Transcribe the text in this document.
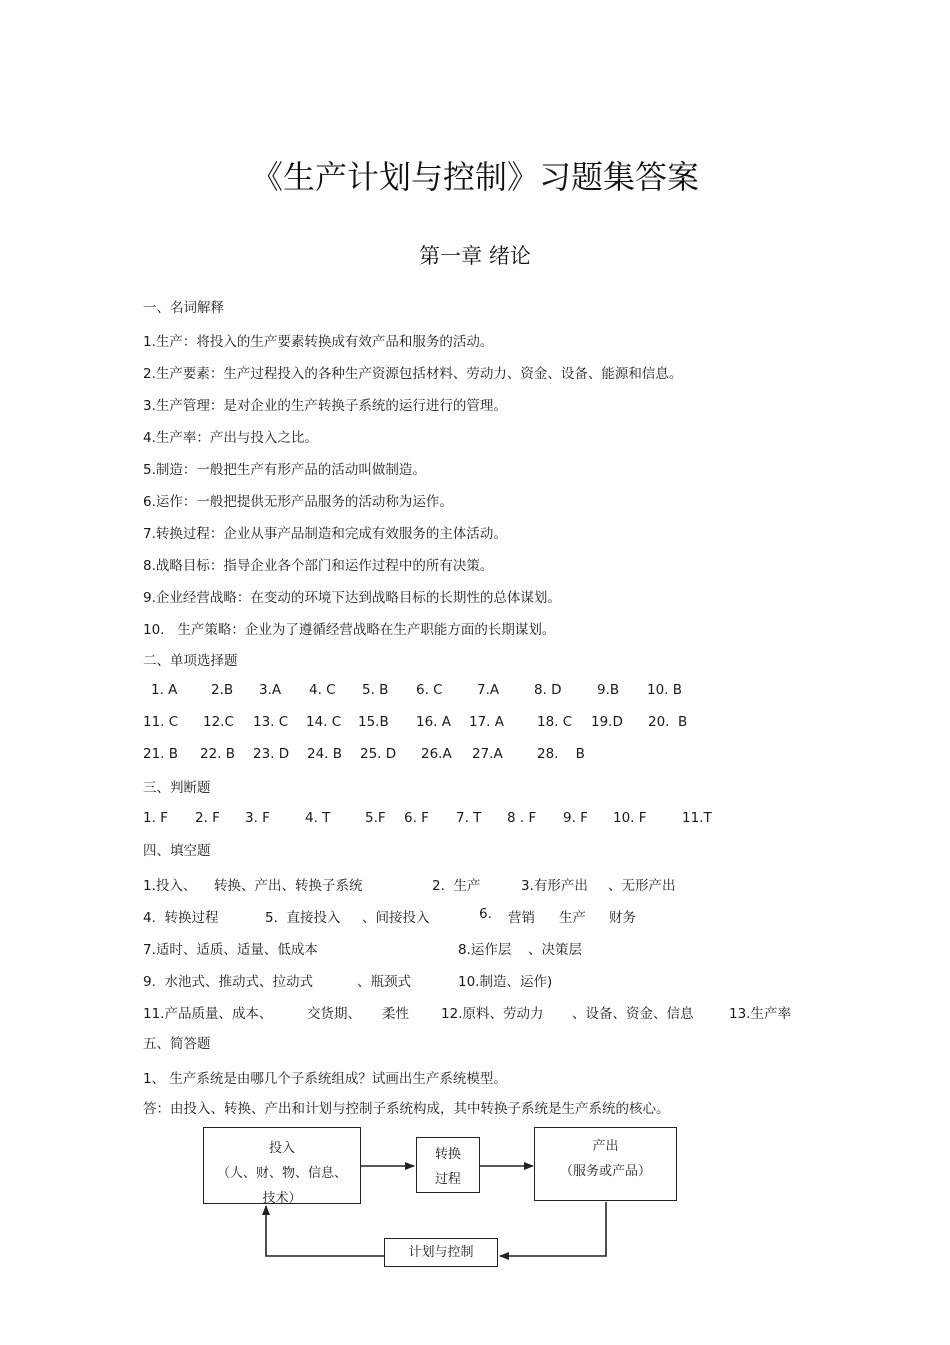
《生产计划与控制》习题集答案
第一章 绪论
一、名词解释
1.生产：将投入的生产要素转换成有效产品和服务的活动。
2.生产要素：生产过程投入的各种生产资源包括材料、劳动力、资金、设备、能源和信息。
3.生产管理：是对企业的生产转换子系统的运行进行的管理。
4.生产率：产出与投入之比。
5.制造：一般把生产有形产品的活动叫做制造。
6.运作：一般把提供无形产品服务的活动称为运作。
7.转换过程：企业从事产品制造和完成有效服务的主体活动。
8.战略目标：指导企业各个部门和运作过程中的所有决策。
9.企业经营战略：在变动的环境下达到战略目标的长期性的总体谋划。
10.   生产策略：企业为了遵循经营战略在生产职能方面的长期谋划。
二、单项选择题

1. A

2.B

3.A

4. C

5. B

6. C

	7.A

	8. D

	9.B

10. B

11. C

12.C

13. C

14. C

15.B

16. A

17. A

18. C

19.D

20.  B

21. B

22. B

23. D

24. B

25. D

26.A

27.A

	28.    B

三、判断题

1. F

2. F

3. F

	4. T

	5.F

6. F

7. T

8 . F

9. F

10. F

	11.T

四、填空题

1.投入、

转换、产出、转换子系统

	2.  生产

	3.有形产出

、无形产出

4.  转换过程

	5.  直接投入

、间接投入

	6.

营销

生产

财务

7.适时、适质、适量、低成本

	8.运作层

、决策层

9.  水池式、推动式、拉动式

	、瓶颈式

	10.制造、运作)

11.产品质量、成本、

	交货期、

柔性

12.原料、劳动力

、设备、资金、信息

	13.生产率

五、简答题
1、 生产系统是由哪几个子系统组成？试画出生产系统模型。
答：由投入、转换、产出和计划与控制子系统构成，其中转换子系统是生产系统的核心。
投入
（人、财、物、信息、
技术）
转换
过程
产出
（服务或产品）
计划与控制
